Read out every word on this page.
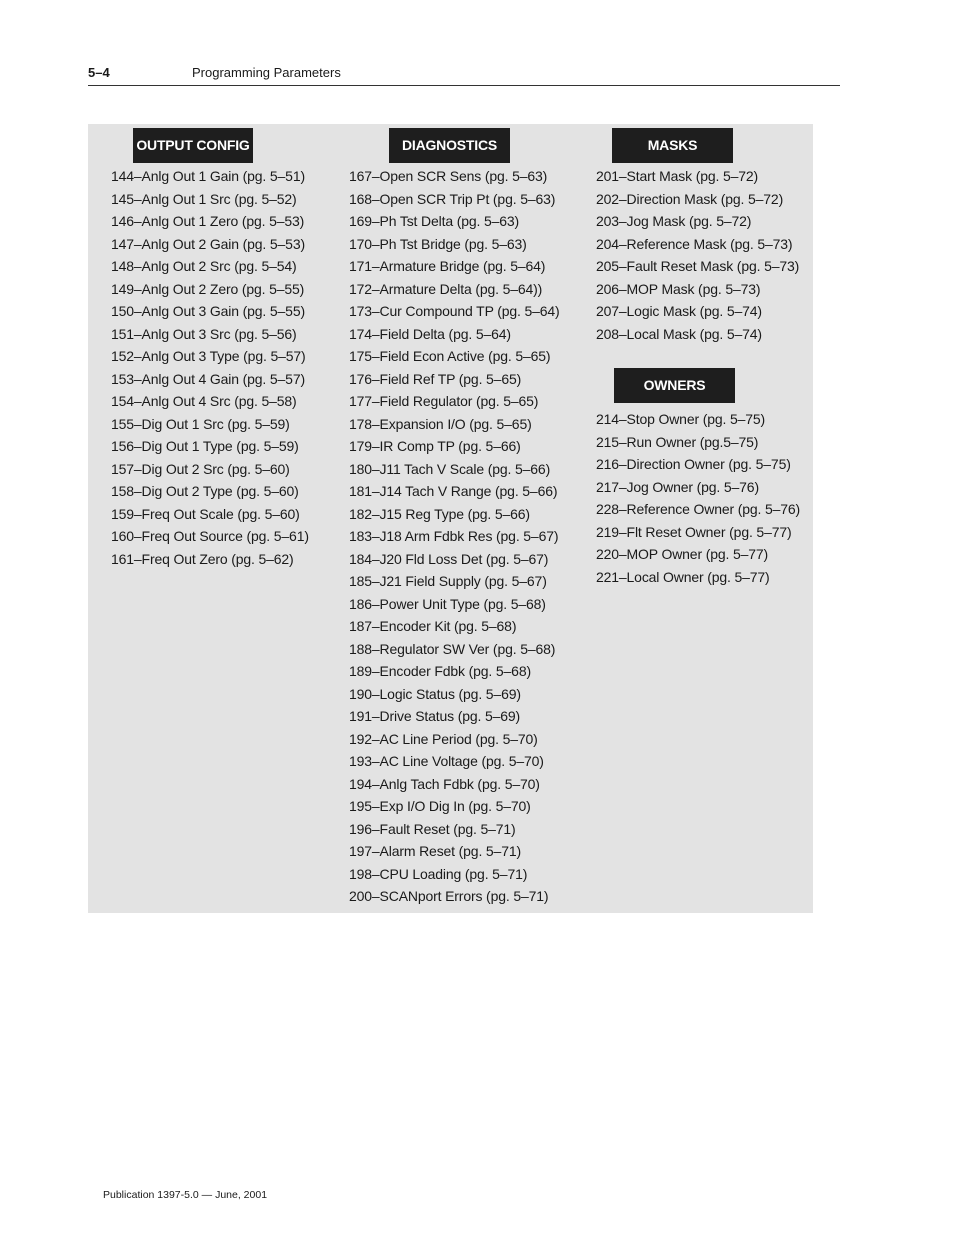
5–4	Programming Parameters
OUTPUT CONFIG
144–Anlg Out 1 Gain (pg. 5–51)
145–Anlg Out 1 Src (pg. 5–52)
146–Anlg Out 1 Zero (pg. 5–53)
147–Anlg Out 2 Gain (pg. 5–53)
148–Anlg Out 2 Src (pg. 5–54)
149–Anlg Out 2 Zero (pg. 5–55)
150–Anlg Out 3 Gain (pg. 5–55)
151–Anlg Out 3 Src (pg. 5–56)
152–Anlg Out 3 Type (pg. 5–57)
153–Anlg Out 4 Gain (pg. 5–57)
154–Anlg Out 4 Src (pg. 5–58)
155–Dig Out 1 Src (pg. 5–59)
156–Dig Out 1 Type (pg. 5–59)
157–Dig Out 2 Src (pg. 5–60)
158–Dig Out 2 Type (pg. 5–60)
159–Freq Out Scale (pg. 5–60)
160–Freq Out Source (pg. 5–61)
161–Freq Out Zero (pg. 5–62)
DIAGNOSTICS
167–Open SCR Sens (pg. 5–63)
168–Open SCR Trip Pt (pg. 5–63)
169–Ph Tst Delta (pg. 5–63)
170–Ph Tst Bridge (pg. 5–63)
171–Armature Bridge (pg. 5–64)
172–Armature Delta (pg. 5–64))
173–Cur Compound TP (pg. 5–64)
174–Field Delta (pg. 5–64)
175–Field Econ Active (pg. 5–65)
176–Field Ref TP (pg. 5–65)
177–Field Regulator (pg. 5–65)
178–Expansion I/O (pg. 5–65)
179–IR Comp TP (pg. 5–66)
180–J11 Tach V Scale (pg. 5–66)
181–J14 Tach V Range (pg. 5–66)
182–J15 Reg Type (pg. 5–66)
183–J18 Arm Fdbk Res (pg. 5–67)
184–J20 Fld Loss Det (pg. 5–67)
185–J21 Field Supply (pg. 5–67)
186–Power Unit Type (pg. 5–68)
187–Encoder Kit (pg. 5–68)
188–Regulator SW Ver (pg. 5–68)
189–Encoder Fdbk (pg. 5–68)
190–Logic Status (pg. 5–69)
191–Drive Status (pg. 5–69)
192–AC Line Period (pg. 5–70)
193–AC Line Voltage (pg. 5–70)
194–Anlg Tach Fdbk (pg. 5–70)
195–Exp I/O Dig In (pg. 5–70)
196–Fault Reset (pg. 5–71)
197–Alarm Reset (pg. 5–71)
198–CPU Loading (pg. 5–71)
200–SCANport Errors (pg. 5–71)
MASKS
201–Start Mask (pg. 5–72)
202–Direction Mask (pg. 5–72)
203–Jog Mask (pg. 5–72)
204–Reference Mask (pg. 5–73)
205–Fault Reset Mask (pg. 5–73)
206–MOP Mask (pg. 5–73)
207–Logic Mask (pg. 5–74)
208–Local Mask (pg. 5–74)
OWNERS
214–Stop Owner (pg. 5–75)
215–Run Owner (pg.5–75)
216–Direction Owner (pg. 5–75)
217–Jog Owner (pg. 5–76)
228–Reference Owner (pg. 5–76)
219–Flt Reset Owner (pg. 5–77)
220–MOP Owner (pg. 5–77)
221–Local Owner (pg. 5–77)
Publication 1397-5.0 — June, 2001
